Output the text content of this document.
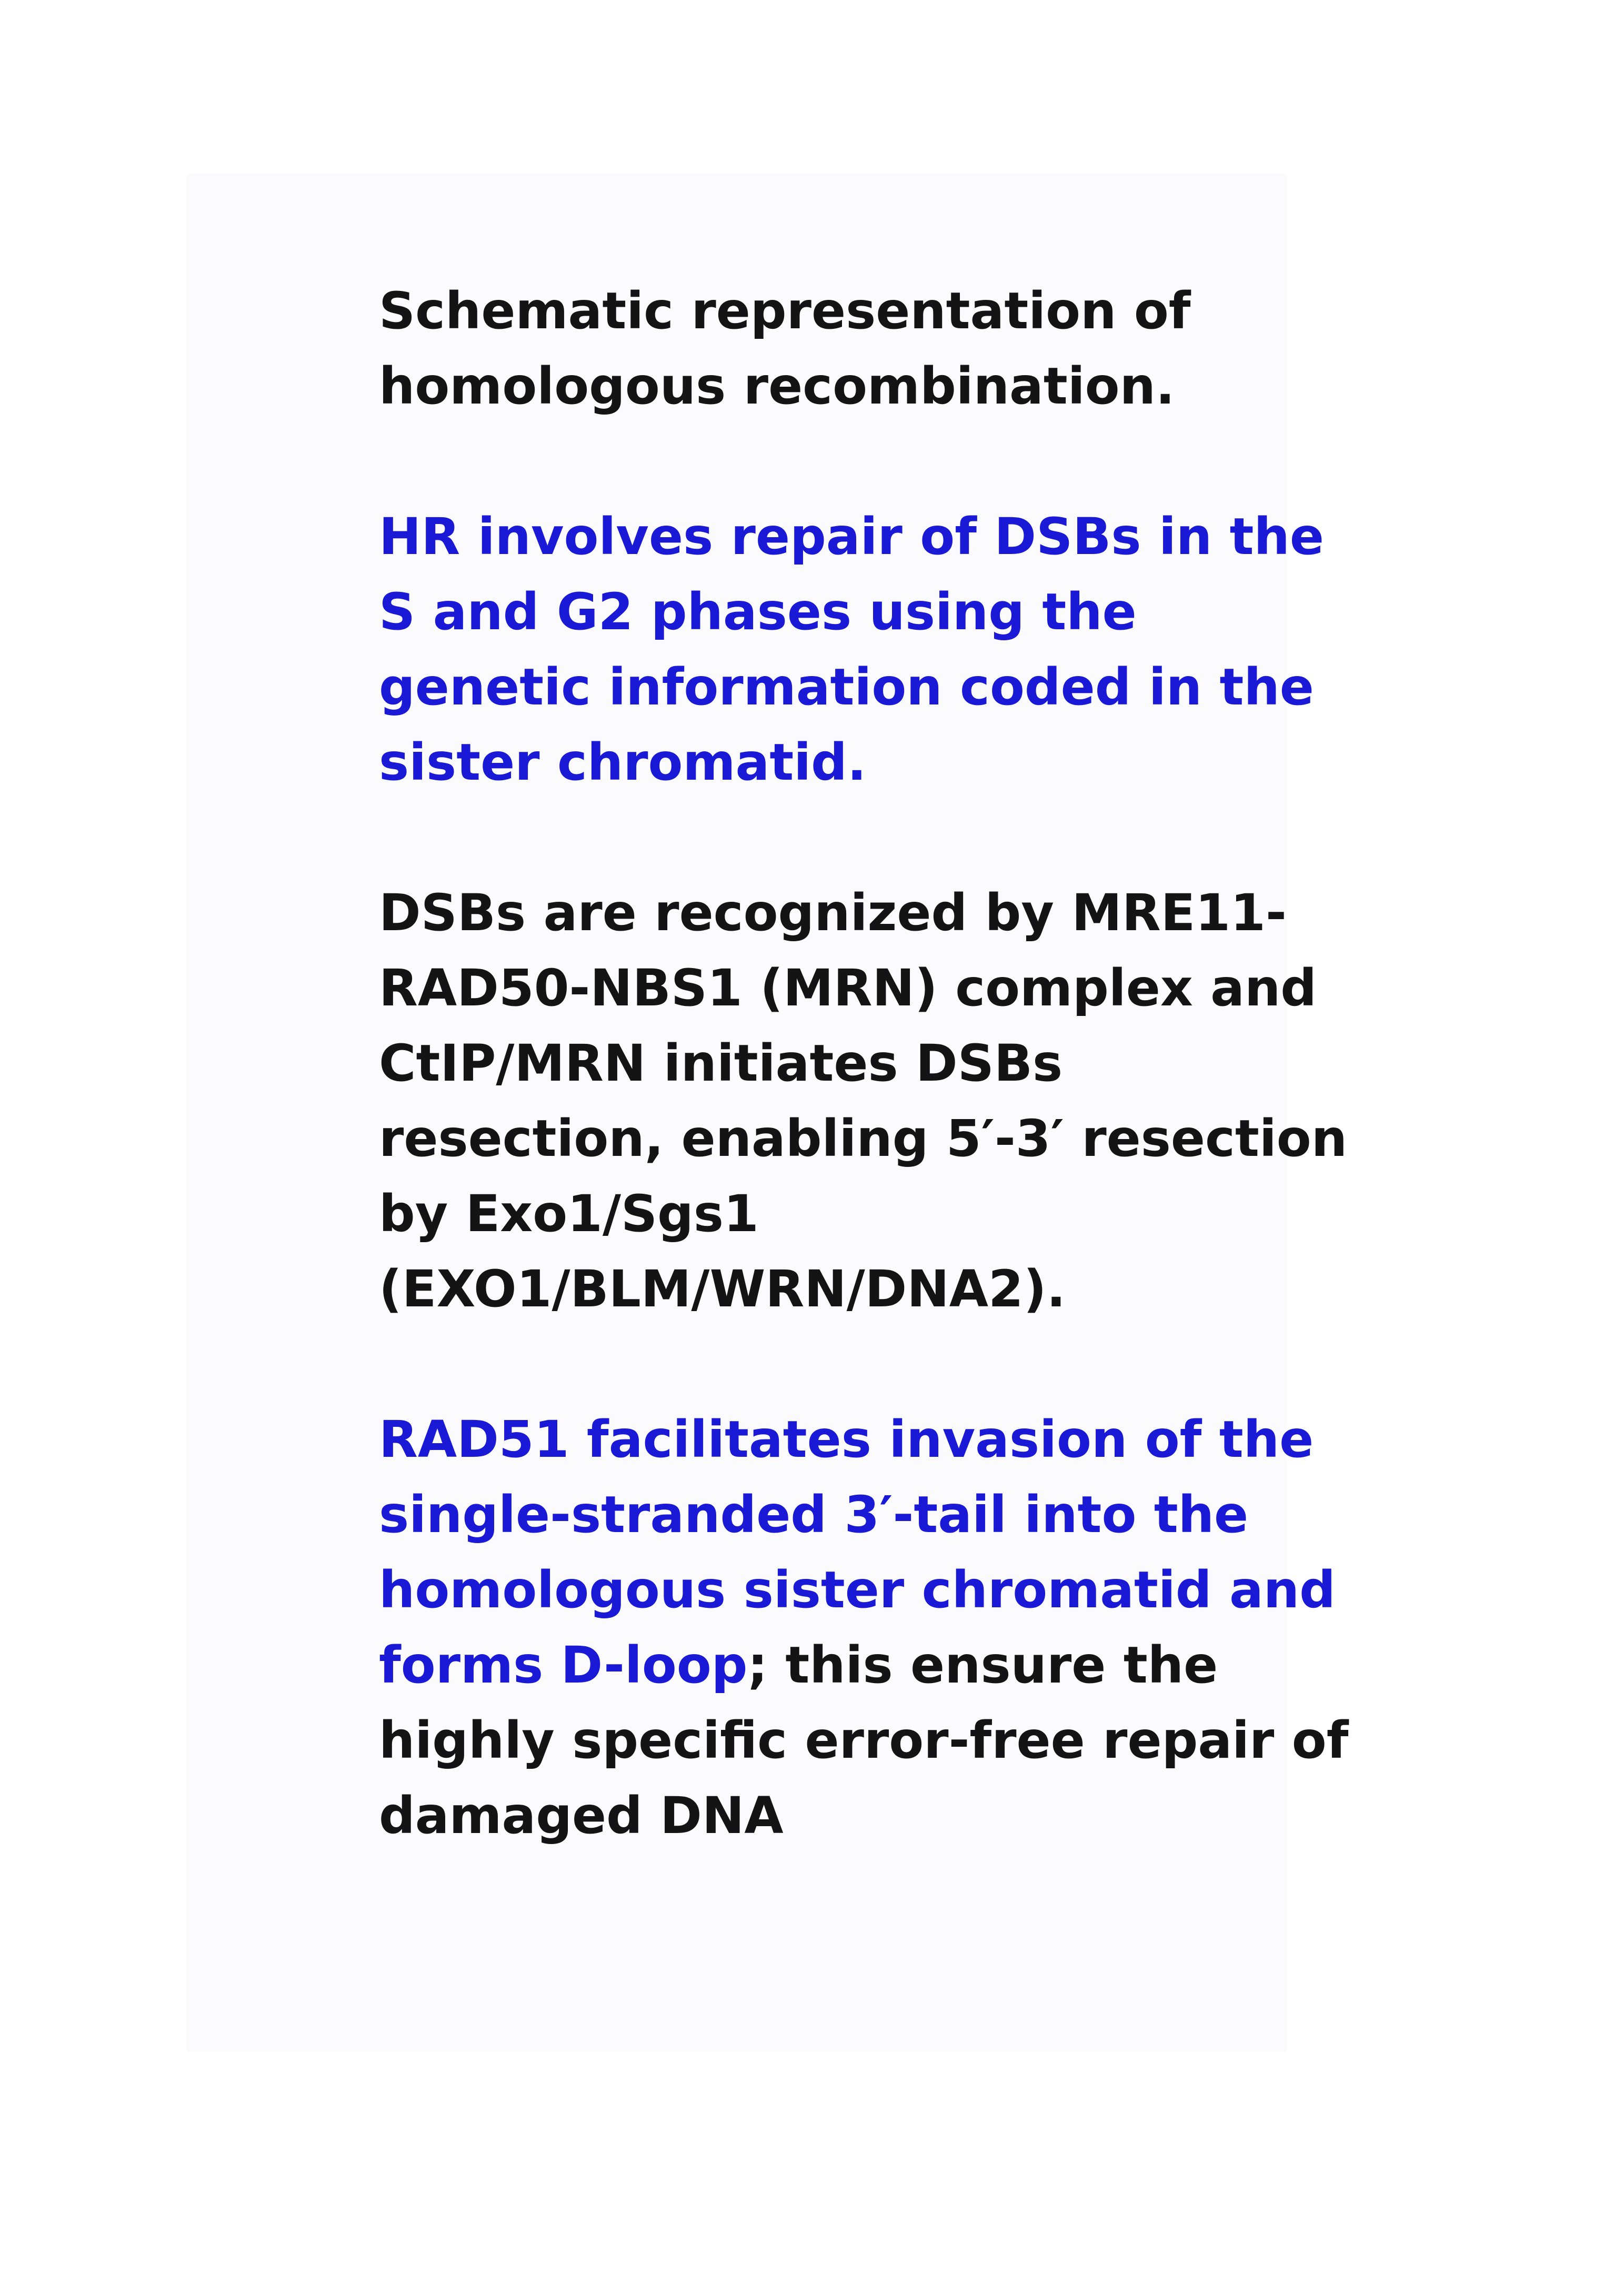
Schematic representation of
homologous recombination.
HR involves repair of DSBs in the
S and G2 phases using the
genetic information coded in the
sister chromatid.
DSBs are recognized by MRE11-
RAD50-NBS1 (MRN) complex and
CtIP/MRN initiates DSBs
resection, enabling 5′-3′ resection
by Exo1/Sgs1
(EXO1/BLM/WRN/DNA2).
RAD51 facilitates invasion of the
single-stranded 3′-tail into the
homologous sister chromatid and
forms D-loop; this ensure the
highly specific error-free repair of
damaged DNA
